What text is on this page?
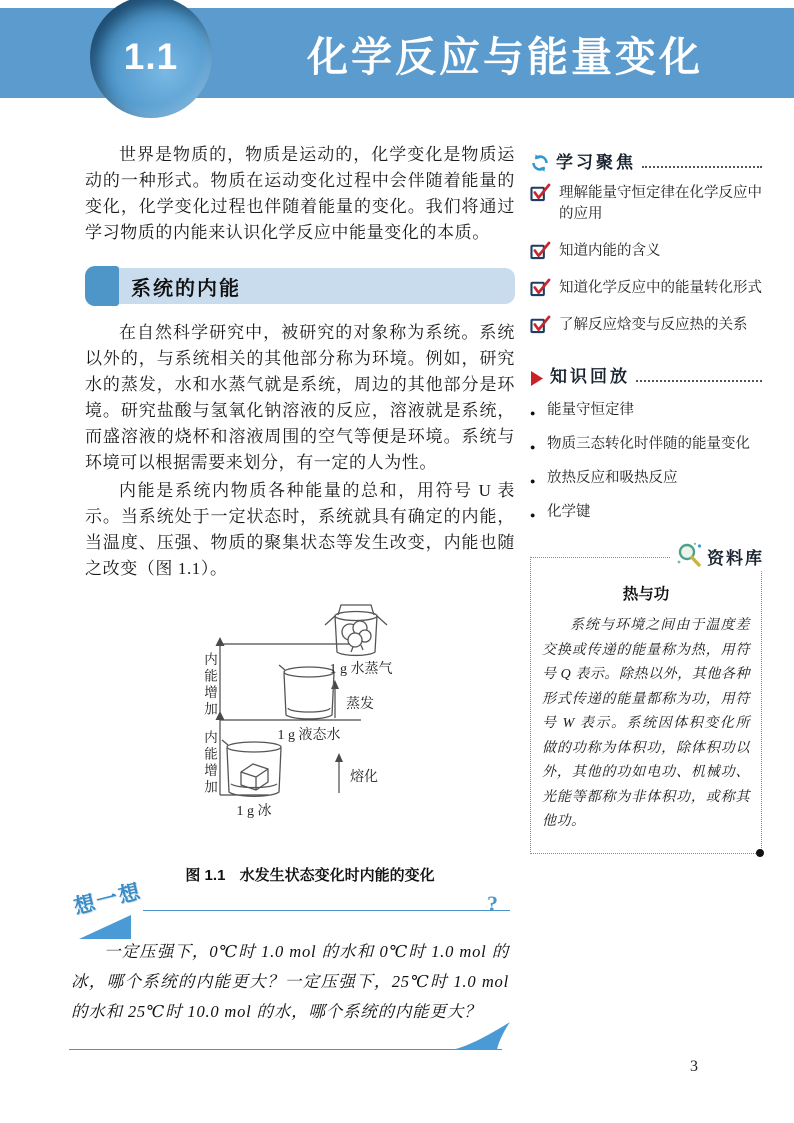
1.1	化学反应与能量变化

世界是物质的，物质是运动的，化学变化是物质运动的一种形式。物质在运动变化过程中会伴随着能量的变化，化学变化过程也伴随着能量的变化。我们将通过学习物质的内能来认识化学反应中能量变化的本质。

系统的内能

在自然科学研究中，被研究的对象称为系统。系统以外的，与系统相关的其他部分称为环境。例如，研究水的蒸发，水和水蒸气就是系统，周边的其他部分是环境。研究盐酸与氢氧化钠溶液的反应，溶液就是系统，而盛溶液的烧杯和溶液周围的空气等便是环境。系统与环境可以根据需要来划分，有一定的人为性。

内能是系统内物质各种能量的总和，用符号 U 表示。当系统处于一定状态时，系统就具有确定的内能，当温度、压强、物质的聚集状态等发生改变，内能也随之改变（图 1.1）。

内能增加
内能增加
1 g 水蒸气
1 g 液态水
1 g 冰
蒸发
熔化
图 1.1 水发生状态变化时内能的变化
学习聚焦
理解能量守恒定律在化学反应中的应用
知道内能的含义
知道化学反应中的能量转化形式
了解反应焓变与反应热的关系
知识回放
● 能量守恒定律
● 物质三态转化时伴随的能量变化
● 放热反应和吸热反应
● 化学键
资料库
热与功

系统与环境之间由于温度差交换或传递的能量称为热，用符号 Q 表示。除热以外，其他各种形式传递的能量都称为功，用符号 W 表示。系统因体积变化所做的功称为体积功，除体积功以外，其他的功如电功、机械功、光能等都称为非体积功，或称其他功。

?
想一想

一定压强下，0℃时 1.0 mol 的水和 0℃时 1.0 mol 的冰，哪个系统的内能更大？一定压强下，25℃时 1.0 mol 的水和 25℃时 10.0 mol 的水，哪个系统的内能更大？

3
